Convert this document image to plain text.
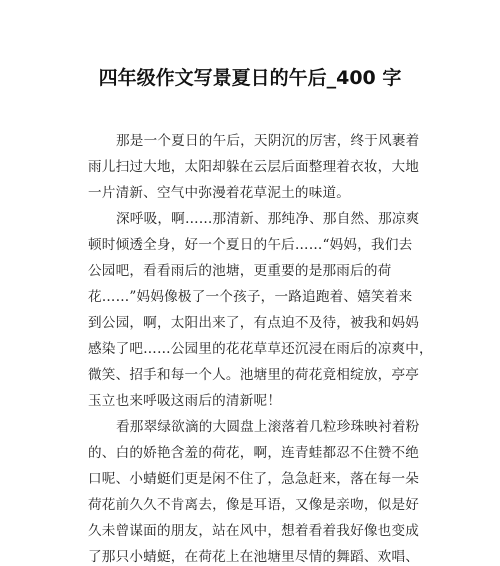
四年级作文写景夏日的午后_400 字
那是一个夏日的午后，天阴沉的厉害，终于风裹着
雨儿扫过大地，太阳却躲在云层后面整理着衣妆，大地
一片清新、空气中弥漫着花草泥土的味道。
深呼吸，啊……那清新、那纯净、那自然、那凉爽
顿时倾透全身，好一个夏日的午后……“妈妈，我们去
公园吧，看看雨后的池塘，更重要的是那雨后的荷
花……”妈妈像极了一个孩子，一路追跑着、嬉笑着来
到公园，啊，太阳出来了，有点迫不及待，被我和妈妈
感染了吧……公园里的花花草草还沉浸在雨后的凉爽中，
微笑、招手和每一个人。池塘里的荷花竟相绽放，亭亭
玉立也来呼吸这雨后的清新呢！
看那翠绿欲滴的大圆盘上滚落着几粒珍珠映衬着粉
的、白的娇艳含羞的荷花，啊，连青蛙都忍不住赞不绝
口呢、小蜻蜓们更是闲不住了，急急赶来，落在每一朵
荷花前久久不肯离去，像是耳语，又像是亲吻，似是好
久未曾谋面的朋友，站在风中，想着看着我好像也变成
了那只小蜻蜓，在荷花上在池塘里尽情的舞蹈、欢唱、
